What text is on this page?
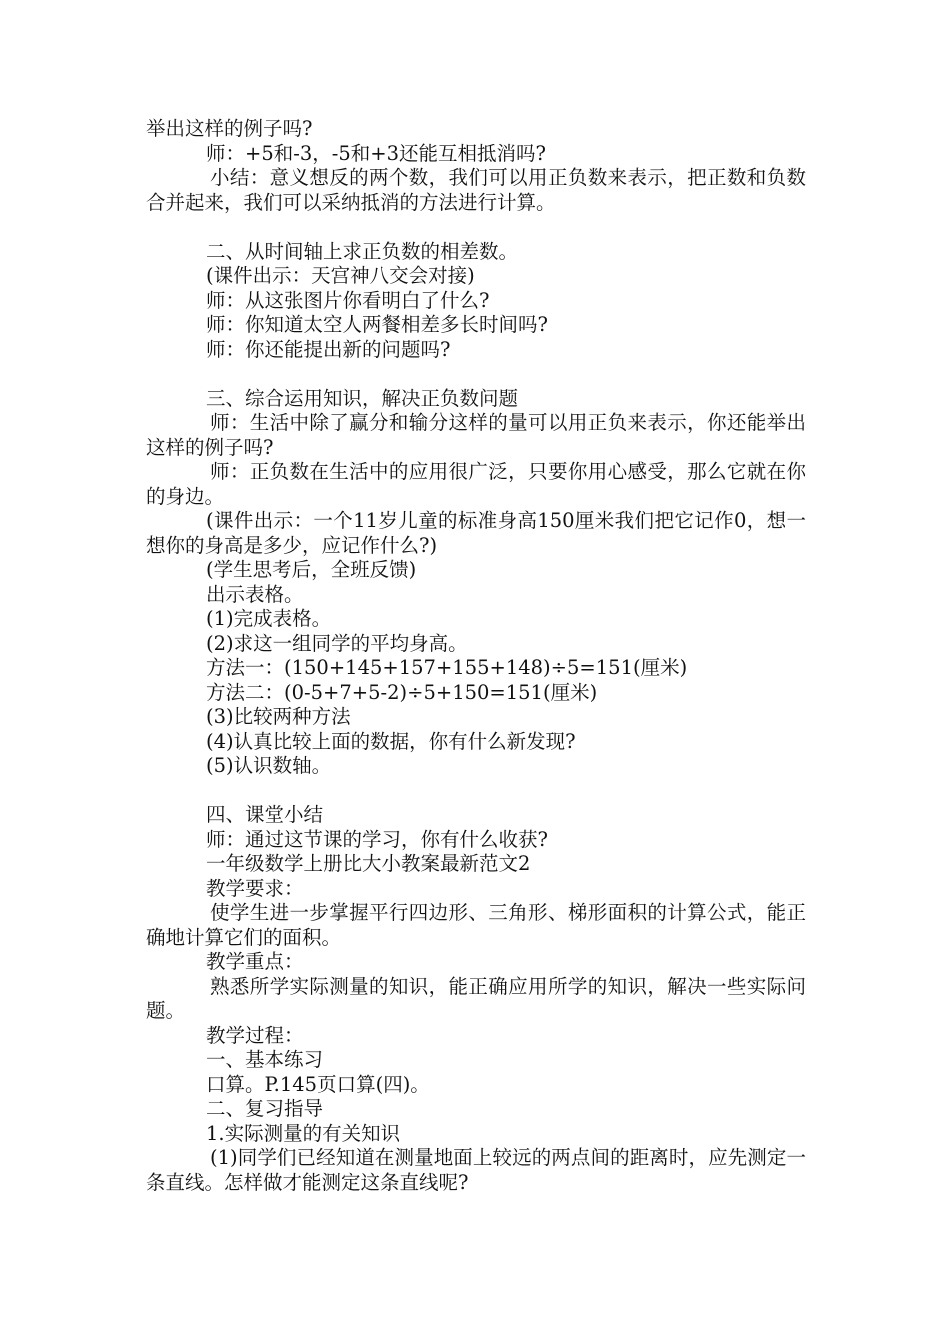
举出这样的例子吗?

师：+5和-3，-5和+3还能互相抵消吗?

小结：意义想反的两个数，我们可以用正负数来表示，把正数和负数合并起来，我们可以采纳抵消的方法进行计算。

二、从时间轴上求正负数的相差数。

(课件出示：天宫神八交会对接)

师：从这张图片你看明白了什么?

师：你知道太空人两餐相差多长时间吗?

师：你还能提出新的问题吗?

三、综合运用知识，解决正负数问题

师：生活中除了赢分和输分这样的量可以用正负来表示，你还能举出这样的例子吗?

师：正负数在生活中的应用很广泛，只要你用心感受，那么它就在你的身边。

(课件出示：一个11岁儿童的标准身高150厘米我们把它记作0，想一想你的身高是多少，应记作什么?)

(学生思考后，全班反馈)

出示表格。

(1)完成表格。

(2)求这一组同学的平均身高。

方法一：(150+145+157+155+148)÷5=151(厘米)

方法二：(0-5+7+5-2)÷5+150=151(厘米)

(3)比较两种方法

(4)认真比较上面的数据，你有什么新发现?

(5)认识数轴。

四、课堂小结

师：通过这节课的学习，你有什么收获?

一年级数学上册比大小教案最新范文2

教学要求：

使学生进一步掌握平行四边形、三角形、梯形面积的计算公式，能正确地计算它们的面积。

教学重点：

熟悉所学实际测量的知识，能正确应用所学的知识，解决一些实际问题。

教学过程：

一、基本练习

口算。P.145页口算(四)。

二、复习指导

1.实际测量的有关知识

(1)同学们已经知道在测量地面上较远的两点间的距离时，应先测定一条直线。怎样做才能测定这条直线呢?
